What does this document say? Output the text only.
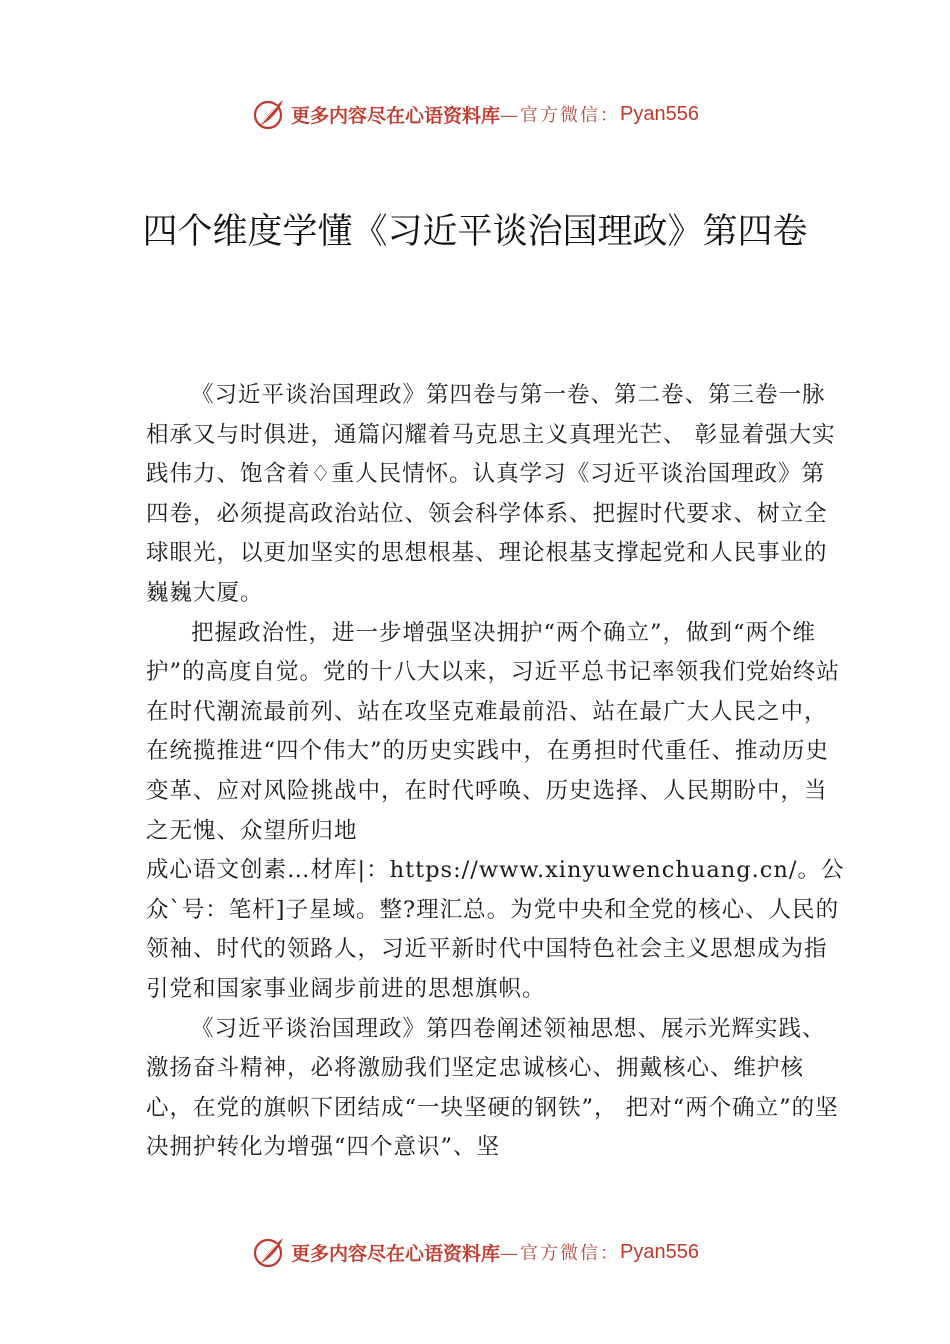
更多内容尽在心语资料库 —官方微信： Pyan556
四个维度学懂《习近平谈治国理政》第四卷

《习近平谈治国理政》第四卷与第一卷、第二卷、第三卷一脉相承又与时俱进，通篇闪耀着马克思主义真理光芒、 彰显着强大实践伟力、饱含着♢重人民情怀。认真学习《习近平谈治国理政》第四卷，必须提高政治站位、领会科学体系、把握时代要求、树立全球眼光，以更加坚实的思想根基、理论根基支撑起党和人民事业的巍巍大厦。

把握政治性，进一步增强坚决拥护“两个确立”，做到“两个维护”的高度自觉。党的十八大以来，习近平总书记率领我们党始终站在时代潮流最前列、站在攻坚克难最前沿、站在最广大人民之中，在统揽推进“四个伟大”的历史实践中，在勇担时代重任、推动历史变革、应对风险挑战中，在时代呼唤、历史选择、人民期盼中，当之无愧、众望所归地

成心语文创素…材库|：https://www.xinyuwenchuang.cn/。公众`号：笔杆]子星域。整?理汇总。为党中央和全党的核心、人民的领袖、时代的领路人，习近平新时代中国特色社会主义思想成为指引党和国家事业阔步前进的思想旗帜。

《习近平谈治国理政》第四卷阐述领袖思想、展示光辉实践、激扬奋斗精神，必将激励我们坚定忠诚核心、拥戴核心、维护核心，在党的旗帜下团结成“一块坚硬的钢铁”， 把对“两个确立”的坚决拥护转化为增强“四个意识”、坚

更多内容尽在心语资料库 —官方微信： Pyan556
